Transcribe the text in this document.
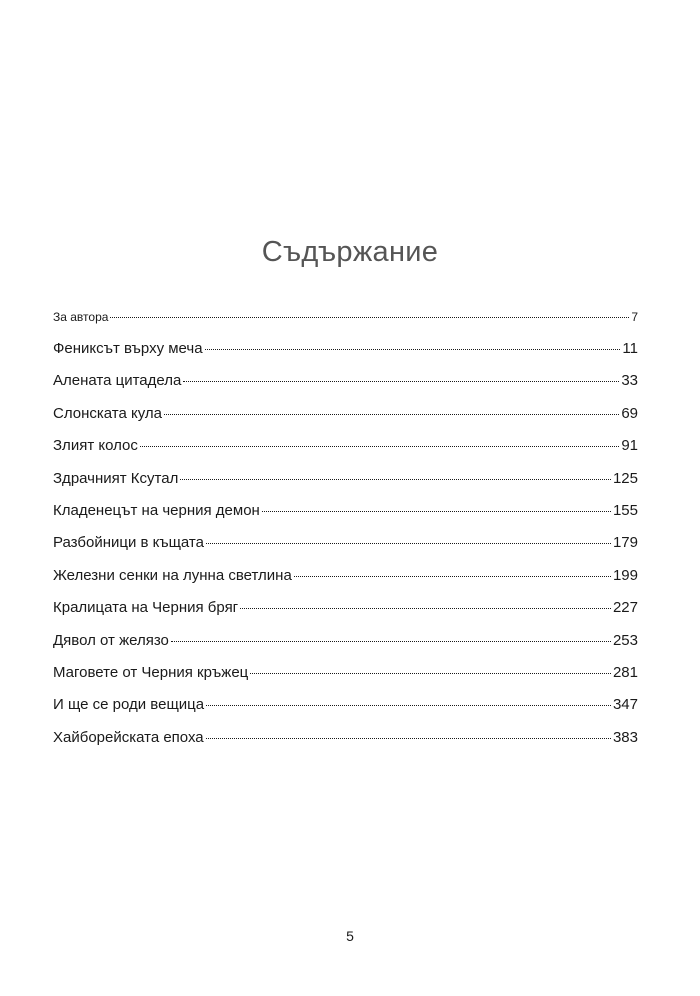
Съдържание
За автора	7
Фениксът върху меча	11
Алената цитадела	33
Слонската кула	69
Злият колос	91
Здрачният Ксутал	125
Кладенецът на черния демон	155
Разбойници в къщата	179
Железни сенки на лунна светлина	199
Кралицата на Черния бряг	227
Дявол от желязо	253
Маговете от Черния кръжец	281
И ще се роди вещица	347
Хайборейската епоха	383
5
